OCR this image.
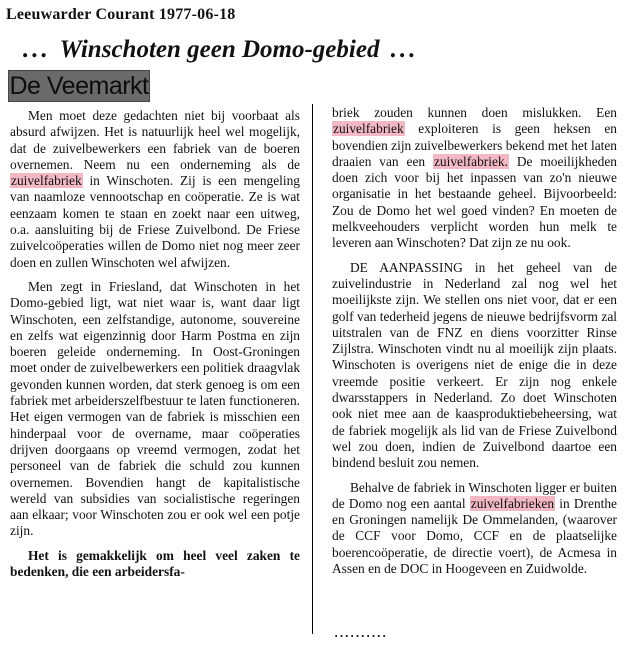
Leeuwarder Courant 1977-06-18
... Winschoten geen Domo-gebied ...
De Veemarkt

Men moet deze gedachten niet bij voorbaat als absurd afwijzen. Het is natuurlijk heel wel mogelijk, dat de zuivelbewerkers een fabriek van de boeren overnemen. Neem nu een onderneming als de zuivelfabriek in Winschoten. Zij is een mengeling van naamloze vennootschap en coöperatie. Ze is wat eenzaam komen te staan en zoekt naar een uitweg, o.a. aansluiting bij de Friese Zuivelbond. De Friese zuivelcoöperaties willen de Domo niet nog meer zeer doen en zullen Winschoten wel afwijzen.

Men zegt in Friesland, dat Winschoten in het Domo-gebied ligt, wat niet waar is, want daar ligt Winschoten, een zelfstandige, autonome, souvereine en zelfs wat eigenzinnig door Harm Postma en zijn boeren geleide onderneming. In Oost-Groningen moet onder de zuivelbewerkers een politiek draagvlak gevonden kunnen worden, dat sterk genoeg is om een fabriek met arbeiderszelfbestuur te laten functioneren. Het eigen vermogen van de fabriek is misschien een hinderpaal voor de overname, maar coöperaties drijven doorgaans op vreemd vermogen, zodat het personeel van de fabriek die schuld zou kunnen overnemen. Bovendien hangt de kapitalistische wereld van subsidies van socialistische regeringen aan elkaar; voor Winschoten zou er ook wel een potje zijn.

Het is gemakkelijk om heel veel zaken te bedenken, die een arbeidersfa-

briek zouden kunnen doen mislukken. Een zuivelfabriek exploiteren is geen heksen en bovendien zijn zuivelbewerkers bekend met het laten draaien van een zuivelfabriek. De moeilijkheden doen zich voor bij het inpassen van zo'n nieuwe organisatie in het bestaande geheel. Bijvoorbeeld: Zou de Domo het wel goed vinden? En moeten de melkveehouders verplicht worden hun melk te leveren aan Winschoten? Dat zijn ze nu ook.

DE AANPASSING in het geheel van de zuivelindustrie in Nederland zal nog wel het moeilijkste zijn. We stellen ons niet voor, dat er een golf van tederheid jegens de nieuwe bedrijfsvorm zal uitstralen van de FNZ en diens voorzitter Rinse Zijlstra. Winschoten vindt nu al moeilijk zijn plaats. Winschoten is overigens niet de enige die in deze vreemde positie verkeert. Er zijn nog enkele dwarsstappers in Nederland. Zo doet Winschoten ook niet mee aan de kaasproduktiebeheersing, wat de fabriek mogelijk als lid van de Friese Zuivelbond wel zou doen, indien de Zuivelbond daartoe een bindend besluit zou nemen.

Behalve de fabriek in Winschoten ligger er buiten de Domo nog een aantal zuivelfabrieken in Drenthe en Groningen namelijk De Ommelanden, (waarover de CCF voor Domo, CCF en de plaatselijke boerencoöperatie, de directie voert), de Acmesa in Assen en de DOC in Hoogeveen en Zuidwolde.

··········
